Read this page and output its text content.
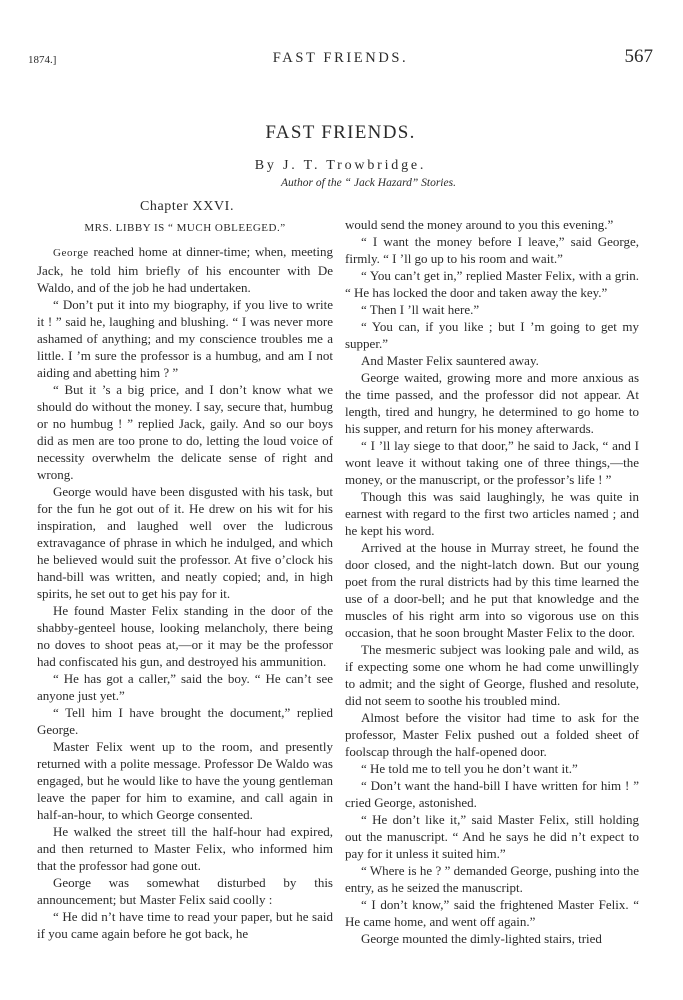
1874.]	FAST FRIENDS.	567
FAST FRIENDS.
By J. T. Trowbridge.
Author of the “ Jack Hazard” Stories.
Chapter XXVI.
MRS. LIBBY IS “ MUCH OBLEEGED.”

George reached home at dinner-time; when, meeting Jack, he told him briefly of his encounter with De Waldo, and of the job he had undertaken.

“ Don’t put it into my biography, if you live to write it ! ” said he, laughing and blushing. “ I was never more ashamed of anything; and my conscience troubles me a little. I ’m sure the professor is a humbug, and am I not aiding and abetting him ? ”

“ But it ’s a big price, and I don’t know what we should do without the money. I say, secure that, humbug or no humbug ! ” replied Jack, gaily. And so our boys did as men are too prone to do, letting the loud voice of necessity overwhelm the delicate sense of right and wrong.

George would have been disgusted with his task, but for the fun he got out of it. He drew on his wit for his inspiration, and laughed well over the ludicrous extravagance of phrase in which he indulged, and which he believed would suit the professor. At five o’clock his hand-bill was written, and neatly copied; and, in high spirits, he set out to get his pay for it.

He found Master Felix standing in the door of the shabby-genteel house, looking melancholy, there being no doves to shoot peas at,—or it may be the professor had confiscated his gun, and destroyed his ammunition.

“ He has got a caller,” said the boy. “ He can’t see anyone just yet.”

“ Tell him I have brought the document,” replied George.

Master Felix went up to the room, and presently returned with a polite message. Professor De Waldo was engaged, but he would like to have the young gentleman leave the paper for him to examine, and call again in half-an-hour, to which George consented.

He walked the street till the half-hour had expired, and then returned to Master Felix, who informed him that the professor had gone out.

George was somewhat disturbed by this announcement; but Master Felix said coolly :

“ He did n’t have time to read your paper, but he said if you came again before he got back, he

would send the money around to you this evening.”

“ I want the money before I leave,” said George, firmly. “ I ’ll go up to his room and wait.”

“ You can’t get in,” replied Master Felix, with a grin. “ He has locked the door and taken away the key.”

“ Then I ’ll wait here.”

“ You can, if you like ; but I ’m going to get my supper.”

And Master Felix sauntered away.

George waited, growing more and more anxious as the time passed, and the professor did not appear. At length, tired and hungry, he determined to go home to his supper, and return for his money afterwards.

“ I ’ll lay siege to that door,” he said to Jack, “ and I wont leave it without taking one of three things,—the money, or the manuscript, or the professor’s life ! ”

Though this was said laughingly, he was quite in earnest with regard to the first two articles named ; and he kept his word.

Arrived at the house in Murray street, he found the door closed, and the night-latch down. But our young poet from the rural districts had by this time learned the use of a door-bell; and he put that knowledge and the muscles of his right arm into so vigorous use on this occasion, that he soon brought Master Felix to the door.

The mesmeric subject was looking pale and wild, as if expecting some one whom he had come unwillingly to admit; and the sight of George, flushed and resolute, did not seem to soothe his troubled mind.

Almost before the visitor had time to ask for the professor, Master Felix pushed out a folded sheet of foolscap through the half-opened door.

“ He told me to tell you he don’t want it.”

“ Don’t want the hand-bill I have written for him ! ” cried George, astonished.

“ He don’t like it,” said Master Felix, still holding out the manuscript. “ And he says he did n’t expect to pay for it unless it suited him.”

“ Where is he ? ” demanded George, pushing into the entry, as he seized the manuscript.

“ I don’t know,” said the frightened Master Felix. “ He came home, and went off again.”

George mounted the dimly-lighted stairs, tried
